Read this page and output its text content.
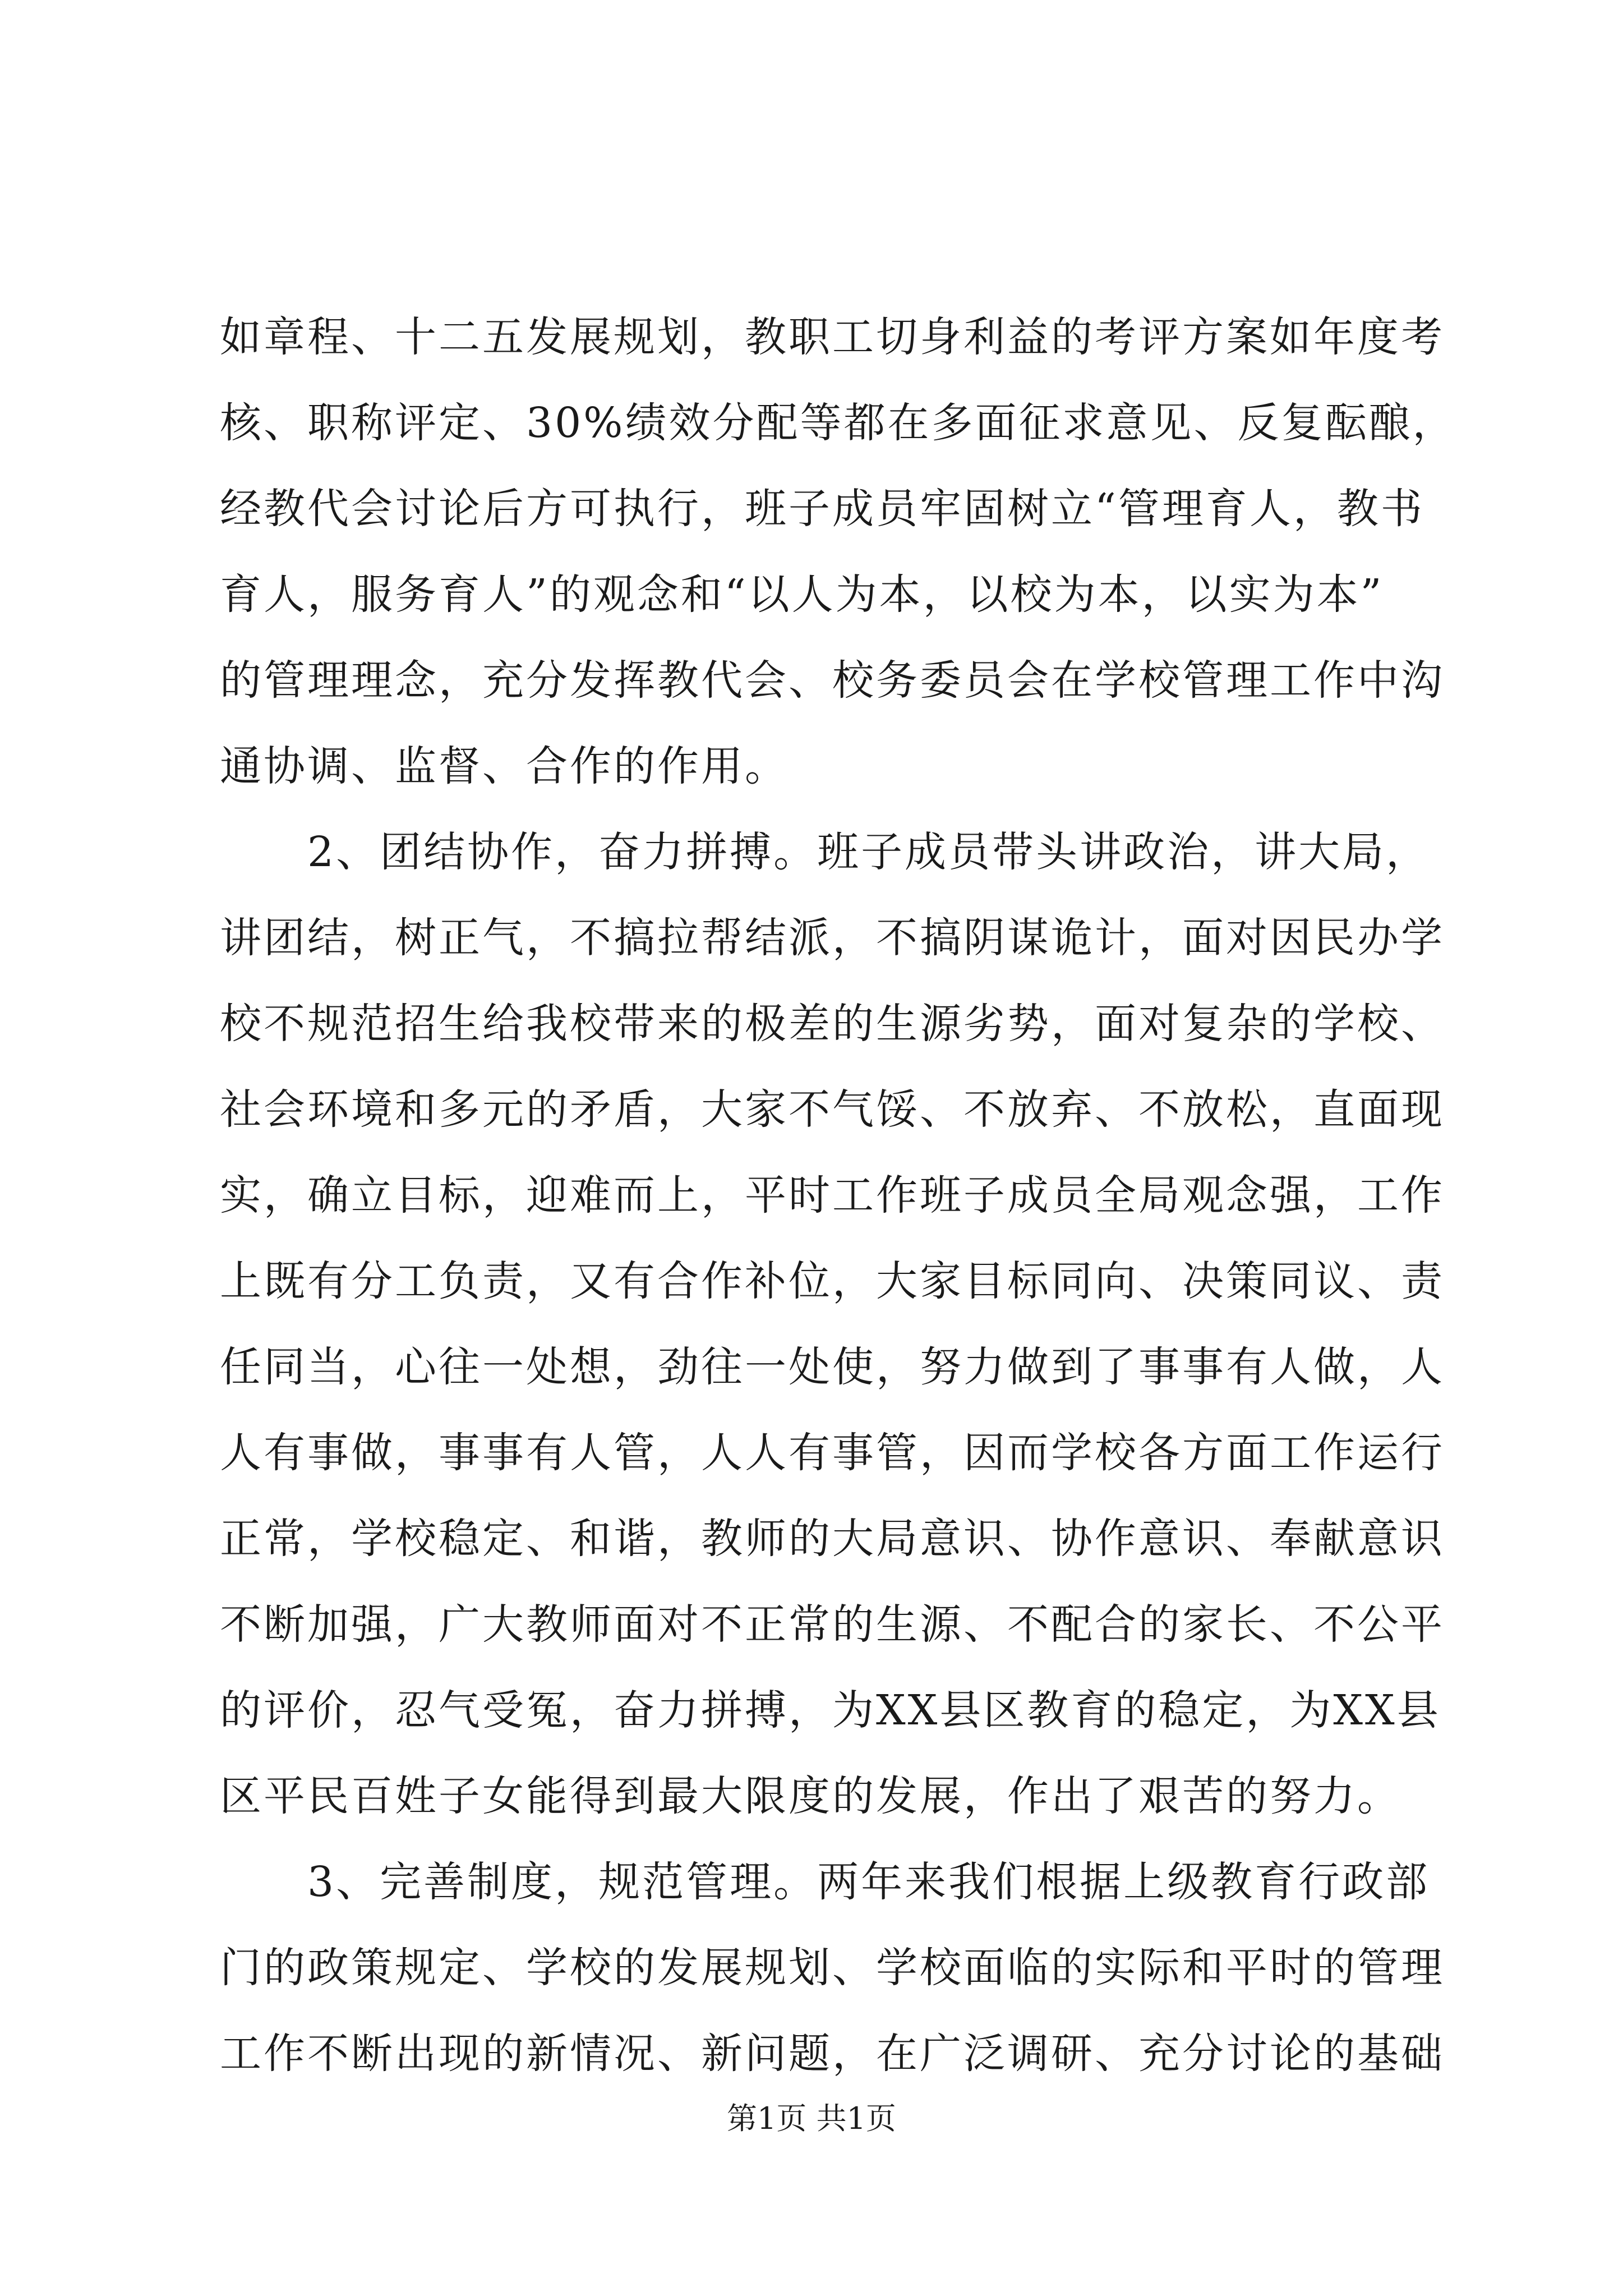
如章程、十二五发展规划，教职工切身利益的考评方案如年度考
核、职称评定、30%绩效分配等都在多面征求意见、反复酝酿，
经教代会讨论后方可执行，班子成员牢固树立“管理育人，教书
育人，服务育人”的观念和“以人为本，以校为本，以实为本”
的管理理念，充分发挥教代会、校务委员会在学校管理工作中沟
通协调、监督、合作的作用。
　　2、团结协作，奋力拼搏。班子成员带头讲政治，讲大局，
讲团结，树正气，不搞拉帮结派，不搞阴谋诡计，面对因民办学
校不规范招生给我校带来的极差的生源劣势，面对复杂的学校、
社会环境和多元的矛盾，大家不气馁、不放弃、不放松，直面现
实，确立目标，迎难而上，平时工作班子成员全局观念强，工作
上既有分工负责，又有合作补位，大家目标同向、决策同议、责
任同当，心往一处想，劲往一处使，努力做到了事事有人做，人
人有事做，事事有人管，人人有事管，因而学校各方面工作运行
正常，学校稳定、和谐，教师的大局意识、协作意识、奉献意识
不断加强，广大教师面对不正常的生源、不配合的家长、不公平
的评价，忍气受冤，奋力拼搏，为XX县区教育的稳定，为XX县
区平民百姓子女能得到最大限度的发展，作出了艰苦的努力。
　　3、完善制度，规范管理。两年来我们根据上级教育行政部
门的政策规定、学校的发展规划、学校面临的实际和平时的管理
工作不断出现的新情况、新问题，在广泛调研、充分讨论的基础
第1页 共1页
